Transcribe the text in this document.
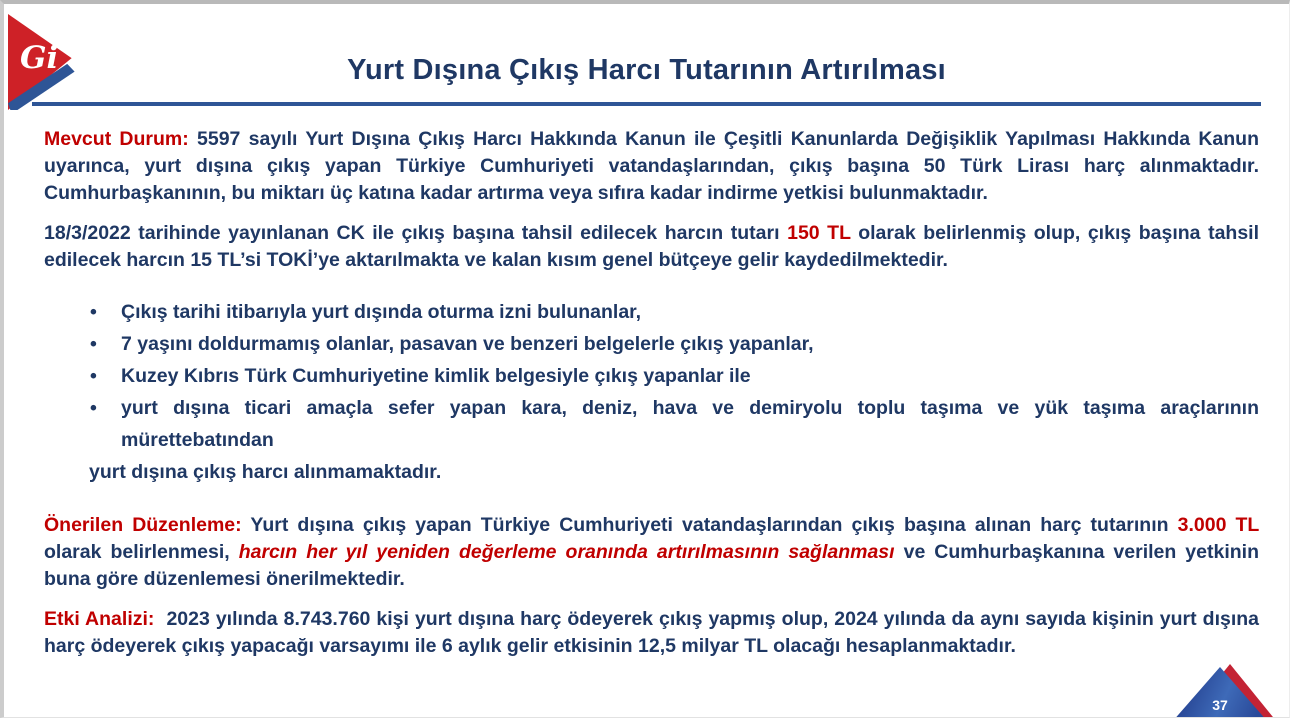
Gi	Yurt Dışına Çıkış Harcı Tutarının Artırılması

Mevcut Durum: 5597 sayılı Yurt Dışına Çıkış Harcı Hakkında Kanun ile Çeşitli Kanunlarda Değişiklik Yapılması Hakkında Kanun uyarınca, yurt dışına çıkış yapan Türkiye Cumhuriyeti vatandaşlarından, çıkış başına 50 Türk Lirası harç alınmaktadır. Cumhurbaşkanının, bu miktarı üç katına kadar artırma veya sıfıra kadar indirme yetkisi bulunmaktadır.

18/3/2022 tarihinde yayınlanan CK ile çıkış başına tahsil edilecek harcın tutarı 150 TL olarak belirlenmiş olup, çıkış başına tahsil edilecek harcın 15 TL’si TOKİ’ye aktarılmakta ve kalan kısım genel bütçeye gelir kaydedilmektedir.

• Çıkış tarihi itibarıyla yurt dışında oturma izni bulunanlar,
• 7 yaşını doldurmamış olanlar, pasavan ve benzeri belgelerle çıkış yapanlar,
• Kuzey Kıbrıs Türk Cumhuriyetine kimlik belgesiyle çıkış yapanlar ile
• yurt dışına ticari amaçla sefer yapan kara, deniz, hava ve demiryolu toplu taşıma ve yük taşıma araçlarının mürettebatından
yurt dışına çıkış harcı alınmamaktadır.

Önerilen Düzenleme: Yurt dışına çıkış yapan Türkiye Cumhuriyeti vatandaşlarından çıkış başına alınan harç tutarının 3.000 TL olarak belirlenmesi, harcın her yıl yeniden değerleme oranında artırılmasının sağlanması ve Cumhurbaşkanına verilen yetkinin buna göre düzenlemesi önerilmektedir.

Etki Analizi: 2023 yılında 8.743.760 kişi yurt dışına harç ödeyerek çıkış yapmış olup, 2024 yılında da aynı sayıda kişinin yurt dışına harç ödeyerek çıkış yapacağı varsayımı ile 6 aylık gelir etkisinin 12,5 milyar TL olacağı hesaplanmaktadır.

37
